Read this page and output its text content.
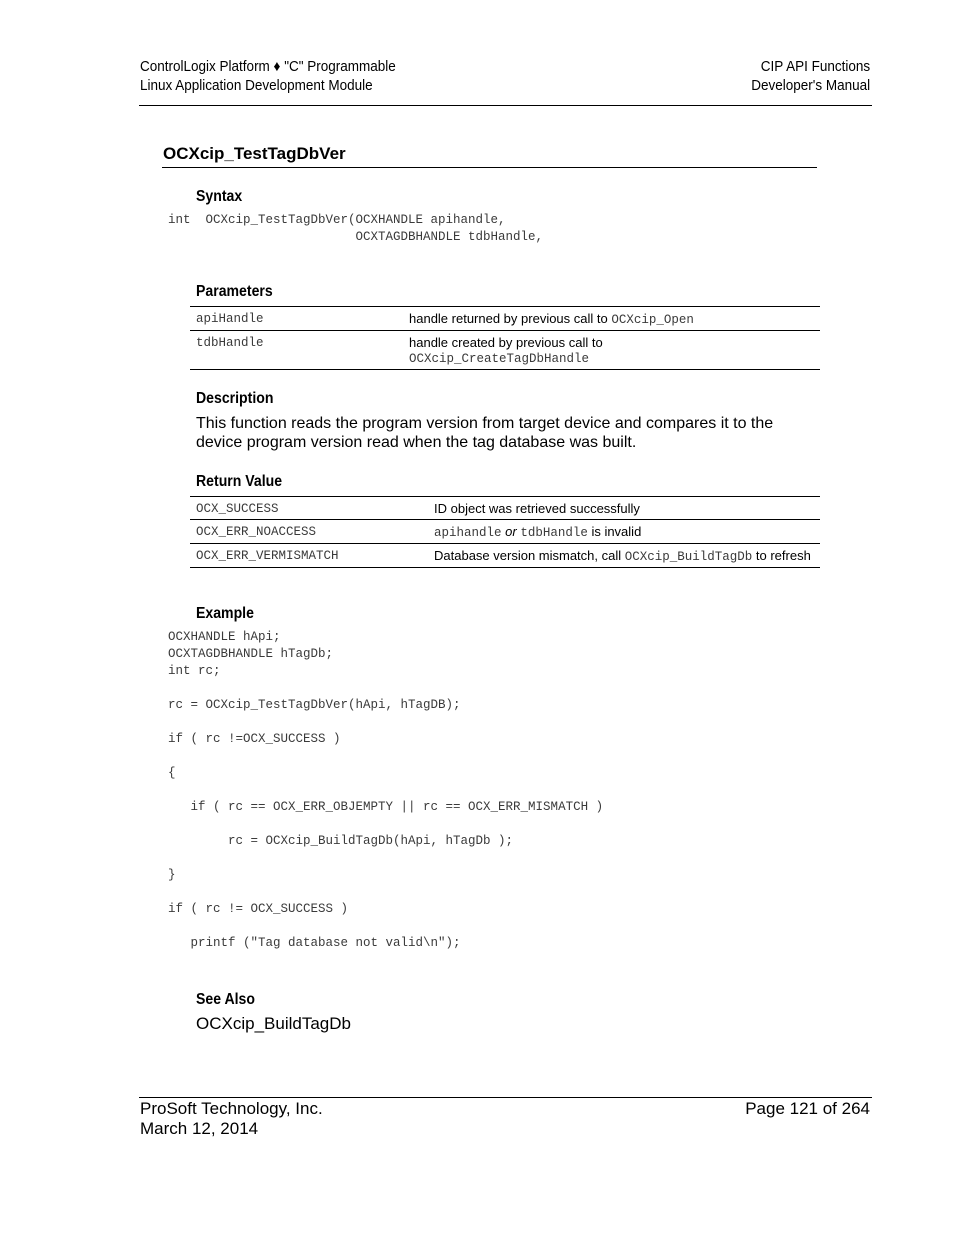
ControlLogix Platform ♦ "C" Programmable
Linux Application Development Module
CIP API Functions
Developer's Manual
OCXcip_TestTagDbVer
Syntax
int  OCXcip_TestTagDbVer(OCXHANDLE apihandle,
OCXTAGDBHANDLE tdbHandle,
Parameters
apiHandle	handle returned by previous call to OCXcip_Open
tdbHandle	handle created by previous call to
OCXcip_CreateTagDbHandle
Description
This function reads the program version from target device and compares it to the device program version read when the tag database was built.
Return Value
OCX_SUCCESS	ID object was retrieved successfully
OCX_ERR_NOACCESS	apihandle or tdbHandle is invalid
OCX_ERR_VERMISMATCH	Database version mismatch, call OCXcip_BuildTagDb to refresh
Example
OCXHANDLE hApi;
OCXTAGDBHANDLE hTagDb;
int rc;

rc = OCXcip_TestTagDbVer(hApi, hTagDB);

if ( rc !=OCX_SUCCESS )

{

if ( rc == OCX_ERR_OBJEMPTY || rc == OCX_ERR_MISMATCH )

rc = OCXcip_BuildTagDb(hApi, hTagDb );

}

if ( rc != OCX_SUCCESS )

printf ("Tag database not valid\n");
See Also
OCXcip_BuildTagDb
ProSoft Technology, Inc.
March 12, 2014
Page 121 of 264
